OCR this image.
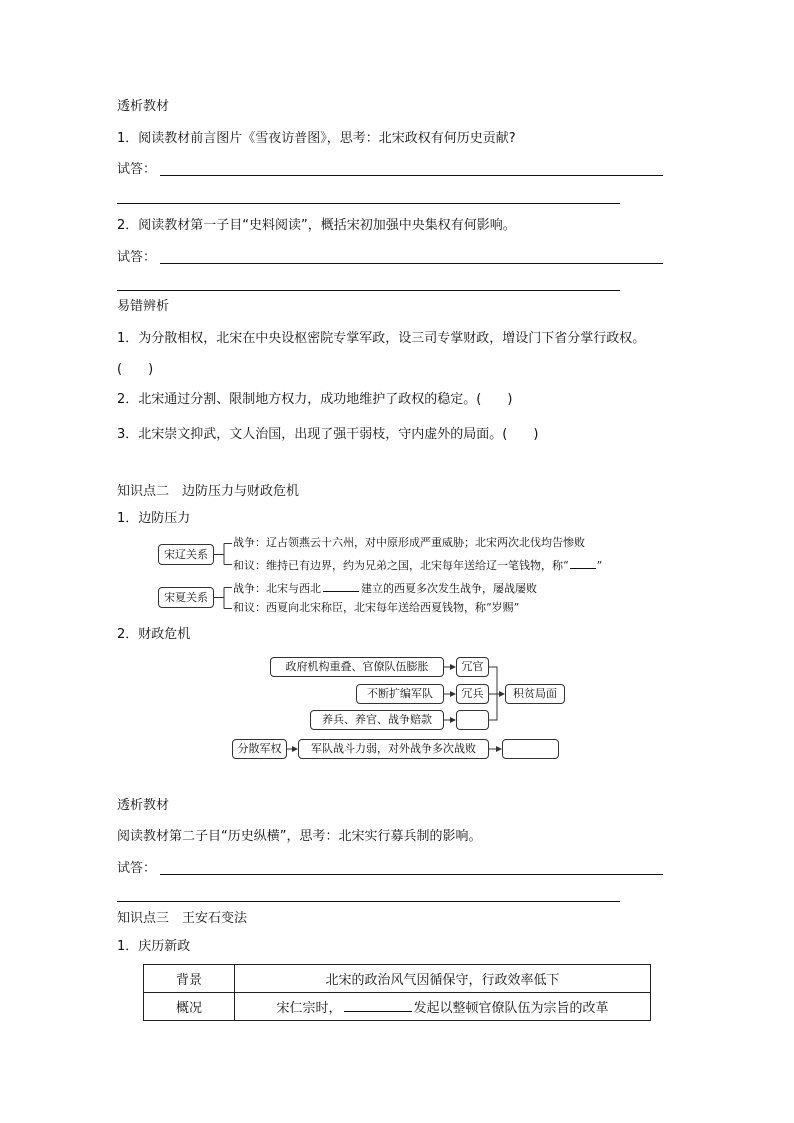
透析教材
1．阅读教材前言图片《雪夜访普图》，思考：北宋政权有何历史贡献?
试答：
2．阅读教材第一子目“史料阅读”，概括宋初加强中央集权有何影响。
试答：
易错辨析
1．为分散相权，北宋在中央设枢密院专掌军政，设三司专掌财政，增设门下省分掌行政权。
(　　)
2．北宋通过分割、限制地方权力，成功地维护了政权的稳定。(　　)
3．北宋崇文抑武，文人治国，出现了强干弱枝，守内虚外的局面。(　　)
知识点二　边防压力与财政危机
1．边防压力
宋辽关系
战争：辽占领燕云十六州，对中原形成严重威胁；北宋两次北伐均告惨败
和议：维持已有边界，约为兄弟之国，北宋每年送给辽一笔钱物，称“	”
宋夏关系
战争：北宋与西北	建立的西夏多次发生战争，屡战屡败
和议：西夏向北宋称臣，北宋每年送给西夏钱物，称“岁赐”
2．财政危机
政府机构重叠、官僚队伍膨胀	冗官
不断扩编军队	冗兵
养兵、养官、战争赔款
积贫局面
分散军权	军队战斗力弱，对外战争多次战败
透析教材
阅读教材第二子目“历史纵横”，思考：北宋实行募兵制的影响。
试答：
知识点三　王安石变法
1．庆历新政
背景	北宋的政治风气因循保守，行政效率低下
概况	宋仁宗时， 发起以整顿官僚队伍为宗旨的改革
